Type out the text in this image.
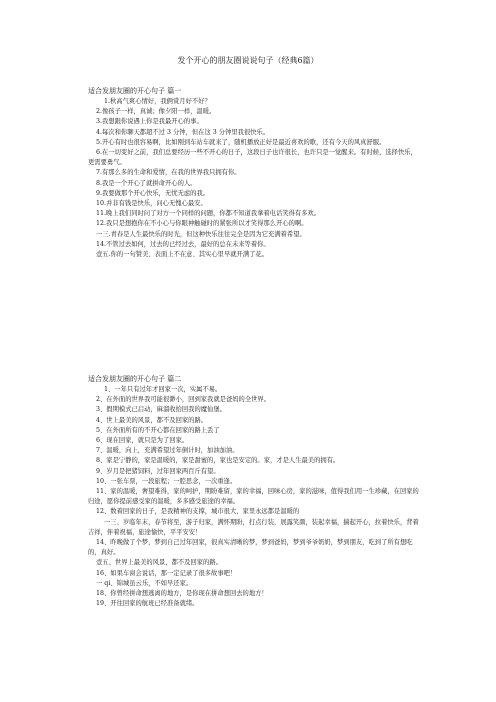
发个开心的朋友圈说说句子（经典6篇）
适合发朋友圈的开心句子 篇一
1.秋高气爽心情好，我俩赏月好不好？
2.像孩子一样，真诚；像夕阳一样，温暖。
3.我想跟你说遇上你是我最开心的事。
4.每次和你聊天都超不过 3 分钟，但在这 3 分钟里我很快乐。
5.开心有时也很容易啊，比如刚到车站车就来了，随机播放正好是最近喜欢的歌，还有今天的风真舒服。
6.在一切变好之前，我们总要经历一些不开心的日子，这段日子也许很长，也许只是一觉醒来。有时候，选择快乐，更需要勇气。
7.有那么多的生命和爱情，在我的世界我只拥有你。
8.我是一个开心了就拼命开心的人。
9.我要做那个开心快乐，无忧无虑的我。
10.并非有钱是快乐，问心无愧心最安。
11.晚上我们同时问了对方一个同样的问题，你都不知道我拿着电话笑得有多欢。
12.我只是想抱你在不小心与你眼神触碰时的紧张所以才笑得那么开心的啊。
一三.青春是人生最快乐的时光，但这种快乐往往完全是因为它充满着希望。
14.不管过去如何，过去的已经过去，最好的总在未来等着你。
壹五.你的一句赞美、表面上不在意、其实心里早就开满了花。
适合发朋友圈的开心句子 篇二
1、一年只有过年才回家一次，实属不易。
2、在外面的世界我可能很渺小，回到家我就是爸妈的全世界。
3、假期模式已启动，麻溜收拾回我的魔仙堡。
4、世上最美的风景，都不及回家的路。
5、在外面所有的不开心都在回家的路上丢了
6、现在回家，就只是为了回家。
7、温暖，向上，充满希望过年倒计时，加油加油。
8、家是宁静的，家是温暖的，家是甜蜜的，家也是安定的。家，才是人生最美的拥有。
9、岁月是把猪饲料，过年回家两百斤有望。
10、一张车票，一段旅程；一腔思念，一次重逢。
11、家的温暖，奢望难得，家的呵护，期盼难留，家的幸福，回味心房，家的滋味，值得我们用一生珍藏，在回家的归途，愿你提前感受家的温暖，多多感受旅途的幸福。
12、数着回家的日子，是我精神的支撑，城市很大，家里永远都是温暖的
一三、岁临年末，春节将至，游子归家，满怀期盼，打点行装，展露笑颜，装起幸福，揣起开心，拉着快乐，背着吉祥，伴着祝福，旅途愉快，平平安安！
14、昨晚做了个梦，梦到自己过年回家，很真实清晰的梦，梦到爸妈，梦到爷爷奶奶，梦到朋友，吃到了所有想吃的，真好。
壹五、世界上最美的风景，都不及回家的路。
16、如果车窗会说话，那一定记录了很多故事吧！
一 qi、锦城虽云乐，不如早还家。
18、你曾经拼命想逃离的地方，是你现在拼命想回去的地方！
19、开往回家的航班已经准备就绪。
